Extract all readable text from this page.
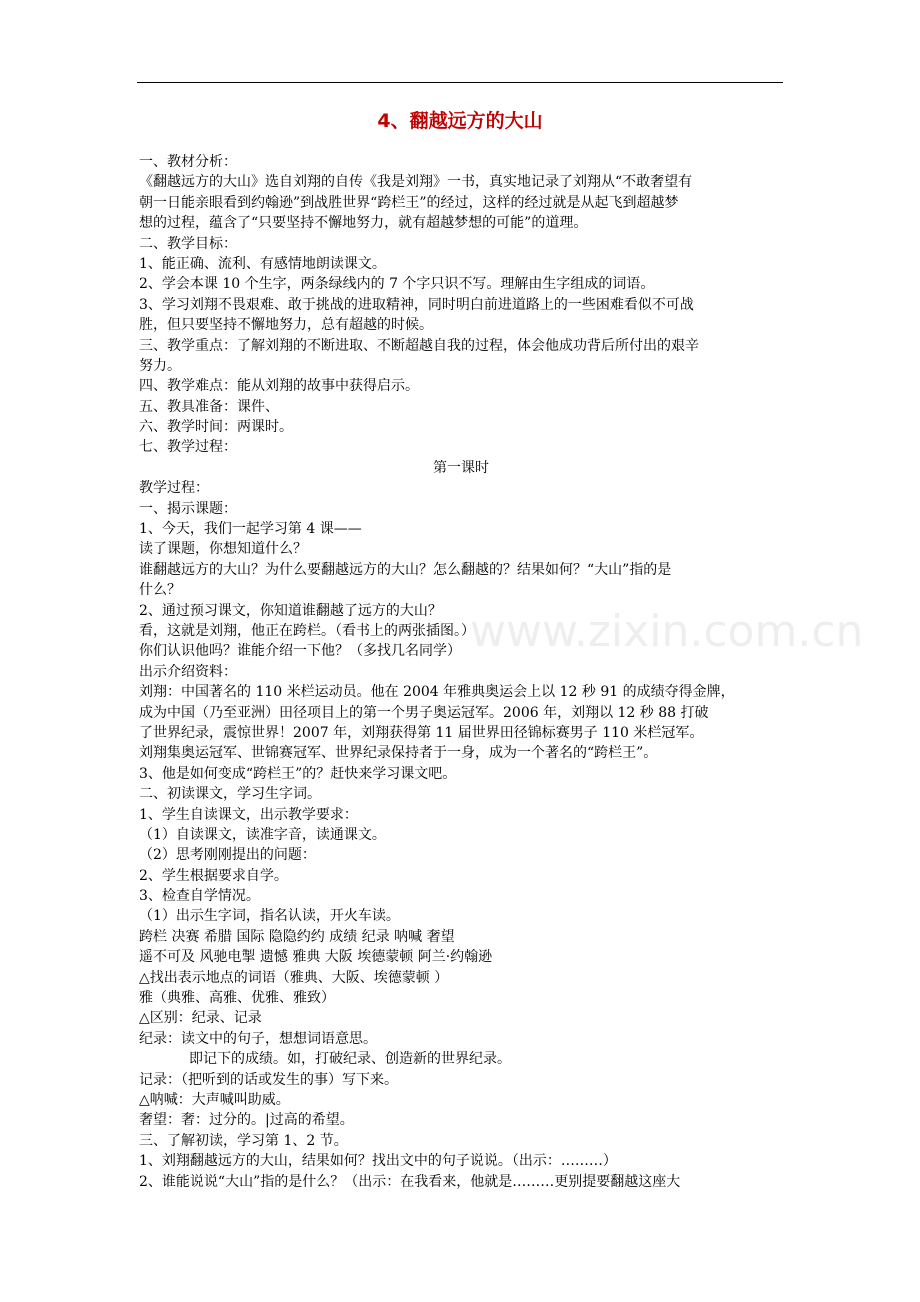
4、翻越远方的大山
一、教材分析：
《翻越远方的大山》选自刘翔的自传《我是刘翔》一书，真实地记录了刘翔从“不敢奢望有
朝一日能亲眼看到约翰逊”到战胜世界“跨栏王”的经过，这样的经过就是从起飞到超越梦
想的过程，蕴含了“只要坚持不懈地努力，就有超越梦想的可能”的道理。
二、教学目标：
1、能正确、流利、有感情地朗读课文。
2、学会本课 10 个生字，两条绿线内的 7 个字只识不写。理解由生字组成的词语。
3、学习刘翔不畏艰难、敢于挑战的进取精神，同时明白前进道路上的一些困难看似不可战
胜，但只要坚持不懈地努力，总有超越的时候。
三、教学重点：了解刘翔的不断进取、不断超越自我的过程，体会他成功背后所付出的艰辛
努力。
四、教学难点：能从刘翔的故事中获得启示。
五、教具准备：课件、
六、教学时间：两课时。
七、教学过程：
第一课时
教学过程：
一、揭示课题：
1、今天，我们一起学习第 4 课——
读了课题，你想知道什么？
谁翻越远方的大山？为什么要翻越远方的大山？怎么翻越的？结果如何？“大山”指的是
什么？
2、通过预习课文，你知道谁翻越了远方的大山？
看，这就是刘翔，他正在跨栏。（看书上的两张插图。）
你们认识他吗？谁能介绍一下他？（多找几名同学）
出示介绍资料：
刘翔：中国著名的 110 米栏运动员。他在 2004 年雅典奥运会上以 12 秒 91 的成绩夺得金牌，
成为中国（乃至亚洲）田径项目上的第一个男子奥运冠军。2006 年，刘翔以 12 秒 88 打破
了世界纪录，震惊世界！2007 年，刘翔获得第 11 届世界田径锦标赛男子 110 米栏冠军。
刘翔集奥运冠军、世锦赛冠军、世界纪录保持者于一身，成为一个著名的“跨栏王”。
3、他是如何变成“跨栏王”的？赶快来学习课文吧。
二、初读课文，学习生字词。
1、学生自读课文，出示教学要求：
（1）自读课文，读准字音，读通课文。
（2）思考刚刚提出的问题：
2、学生根据要求自学。
3、检查自学情况。
（1）出示生字词，指名认读，开火车读。
跨栏 决赛 希腊 国际 隐隐约约 成绩 纪录 呐喊 奢望
遥不可及 风驰电掣 遗憾 雅典 大阪 埃德蒙顿 阿兰·约翰逊
△找出表示地点的词语（雅典、大阪、埃德蒙顿 ）
雅（典雅、高雅、优雅、雅致）
△区别：纪录、记录
纪录：读文中的句子，想想词语意思。
即记下的成绩。如，打破纪录、创造新的世界纪录。
记录：（把听到的话或发生的事）写下来。
△呐喊：大声喊叫助威。
奢望：奢：过分的。|过高的希望。
三、了解初读，学习第 1、2 节。
1、刘翔翻越远方的大山，结果如何？找出文中的句子说说。（出示：………）
2、谁能说说“大山”指的是什么？（出示：在我看来，他就是………更别提要翻越这座大
www.zixin.com.cn
